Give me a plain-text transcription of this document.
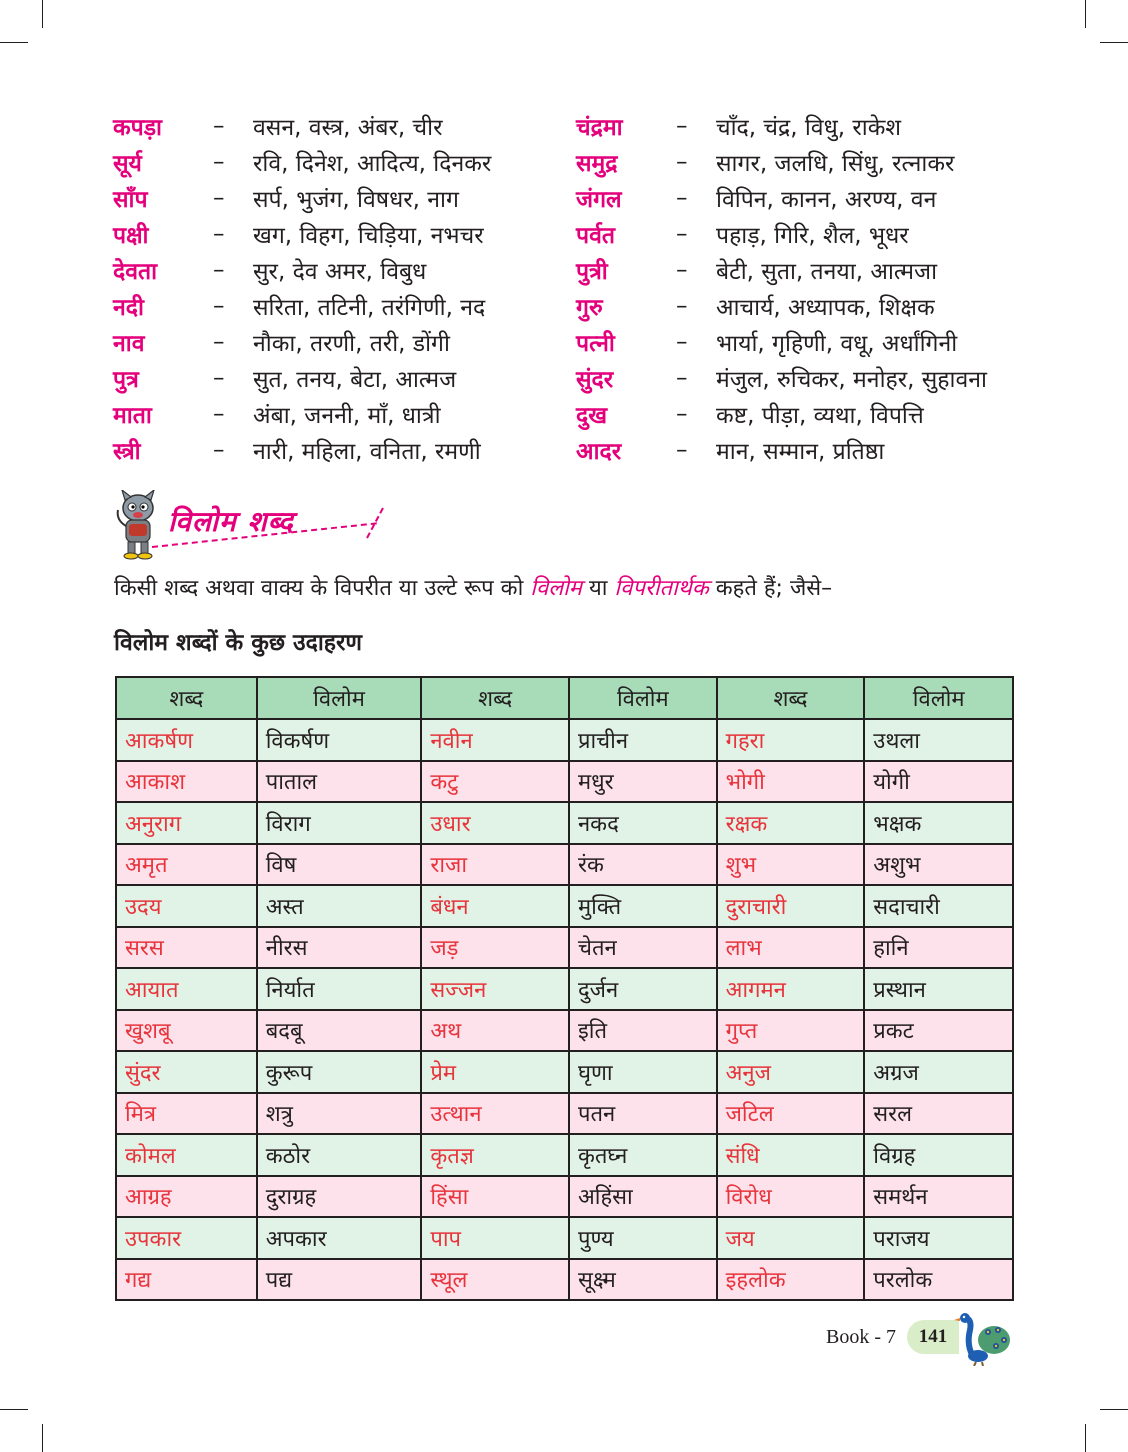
कपड़ा	–	वसन, वस्त्र, अंबर, चीर
सूर्य	–	रवि, दिनेश, आदित्य, दिनकर
साँप	–	सर्प, भुजंग, विषधर, नाग
पक्षी	–	खग, विहग, चिड़िया, नभचर
देवता	–	सुर, देव अमर, विबुध
नदी	–	सरिता, तटिनी, तरंगिणी, नद
नाव	–	नौका, तरणी, तरी, डोंगी
पुत्र	–	सुत, तनय, बेटा, आत्मज
माता	–	अंबा, जननी, माँ, धात्री
स्त्री	–	नारी, महिला, वनिता, रमणी
चंद्रमा	–	चाँद, चंद्र, विधु, राकेश
समुद्र	–	सागर, जलधि, सिंधु, रत्नाकर
जंगल	–	विपिन, कानन, अरण्य, वन
पर्वत	–	पहाड़, गिरि, शैल, भूधर
पुत्री	–	बेटी, सुता, तनया, आत्मजा
गुरु	–	आचार्य, अध्यापक, शिक्षक
पत्नी	–	भार्या, गृहिणी, वधू, अर्धांगिनी
सुंदर	–	मंजुल, रुचिकर, मनोहर, सुहावना
दुख	–	कष्ट, पीड़ा, व्यथा, विपत्ति
आदर	–	मान, सम्मान, प्रतिष्ठा
विलोम शब्द
किसी शब्द अथवा वाक्य के विपरीत या उल्टे रूप को विलोम या विपरीतार्थक कहते हैं; जैसे–
विलोम शब्दों के कुछ उदाहरण
शब्द	विलोम	शब्द	विलोम	शब्द	विलोम
आकर्षण	विकर्षण	नवीन	प्राचीन	गहरा	उथला
आकाश	पाताल	कटु	मधुर	भोगी	योगी
अनुराग	विराग	उधार	नकद	रक्षक	भक्षक
अमृत	विष	राजा	रंक	शुभ	अशुभ
उदय	अस्त	बंधन	मुक्ति	दुराचारी	सदाचारी
सरस	नीरस	जड़	चेतन	लाभ	हानि
आयात	निर्यात	सज्जन	दुर्जन	आगमन	प्रस्थान
खुशबू	बदबू	अथ	इति	गुप्त	प्रकट
सुंदर	कुरूप	प्रेम	घृणा	अनुज	अग्रज
मित्र	शत्रु	उत्थान	पतन	जटिल	सरल
कोमल	कठोर	कृतज्ञ	कृतघ्न	संधि	विग्रह
आग्रह	दुराग्रह	हिंसा	अहिंसा	विरोध	समर्थन
उपकार	अपकार	पाप	पुण्य	जय	पराजय
गद्य	पद्य	स्थूल	सूक्ष्म	इहलोक	परलोक
Book - 7	141
